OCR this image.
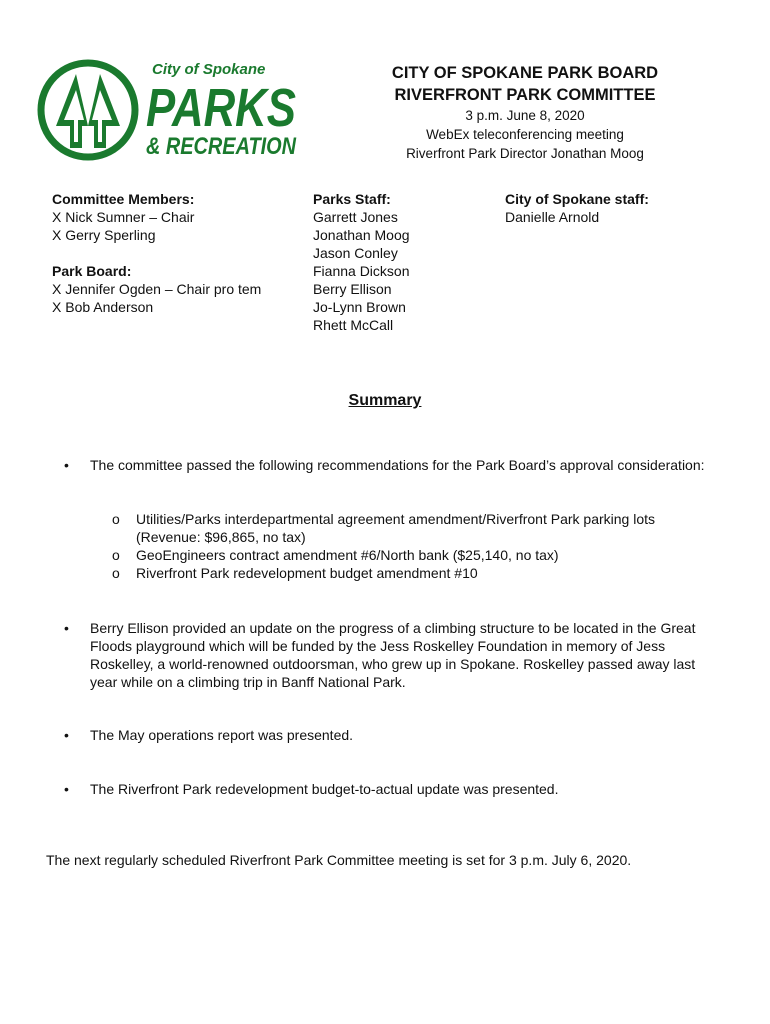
City of Spokane
PARKS
& RECREATION
CITY OF SPOKANE PARK BOARD
RIVERFRONT PARK COMMITTEE
3 p.m. June 8, 2020
WebEx teleconferencing meeting
Riverfront Park Director Jonathan Moog
Committee Members:
X Nick Sumner – Chair
X Gerry Sperling
Park Board:
X Jennifer Ogden – Chair pro tem
X Bob Anderson
Parks Staff:
Garrett Jones
Jonathan Moog
Jason Conley
Fianna Dickson
Berry Ellison
Jo-Lynn Brown
Rhett McCall
City of Spokane staff:
Danielle Arnold
Summary
• The committee passed the following recommendations for the Park Board’s approval consideration:
o Utilities/Parks interdepartmental agreement amendment/Riverfront Park parking lots (Revenue: $96,865, no tax)
o GeoEngineers contract amendment #6/North bank ($25,140, no tax)
o Riverfront Park redevelopment budget amendment #10
• Berry Ellison provided an update on the progress of a climbing structure to be located in the Great Floods playground which will be funded by the Jess Roskelley Foundation in memory of Jess Roskelley, a world-renowned outdoorsman, who grew up in Spokane. Roskelley passed away last year while on a climbing trip in Banff National Park.
• The May operations report was presented.
• The Riverfront Park redevelopment budget-to-actual update was presented.
The next regularly scheduled Riverfront Park Committee meeting is set for 3 p.m. July 6, 2020.
